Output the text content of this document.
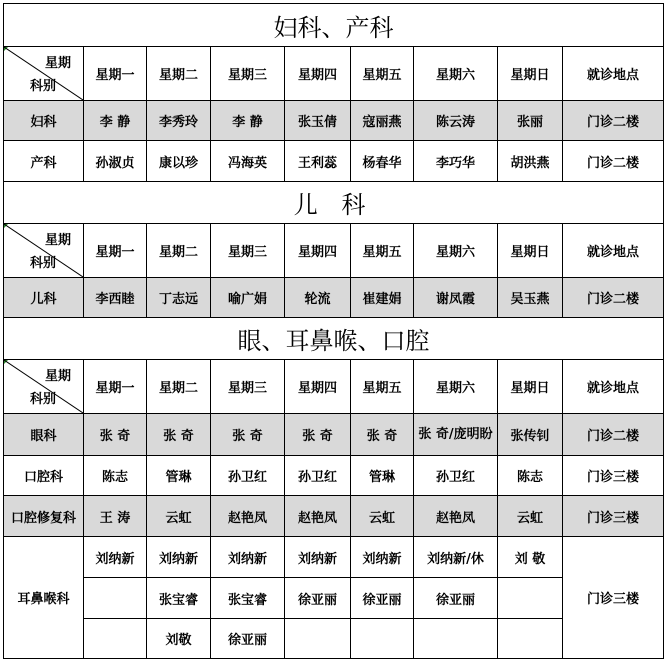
妇科、产科								

星期
科别	星期一	星期二	星期三	星期四	星期五	星期六	星期日	就诊地点
妇科	李 静	李秀玲	李 静	张玉倩	寇丽燕	陈云涛	张丽	门诊二楼
产科	孙淑贞	康以珍	冯海英	王利蕊	杨春华	李巧华	胡洪燕	门诊二楼
儿 科								

星期
科别	星期一	星期二	星期三	星期四	星期五	星期六	星期日	就诊地点
儿科	李西睦	丁志远	喻广娟	轮流	崔建娟	谢凤霞	吴玉燕	门诊二楼
眼、耳鼻喉、口腔								

星期
科别	星期一	星期二	星期三	星期四	星期五	星期六	星期日	就诊地点
眼科	张 奇	张 奇	张 奇	张 奇	张 奇	张 奇/庞明盼	张传钊	门诊二楼
口腔科	陈志	管琳	孙卫红	孙卫红	管琳	孙卫红	陈志	门诊三楼
口腔修复科	王 涛	云虹	赵艳凤	赵艳凤	云虹	赵艳凤	云虹	门诊三楼
耳鼻喉科	刘纳新	刘纳新	刘纳新	刘纳新	刘纳新	刘纳新/休	刘 敬	门诊三楼
		张宝睿	张宝睿	徐亚丽	徐亚丽	徐亚丽		
		刘敬	徐亚丽					
